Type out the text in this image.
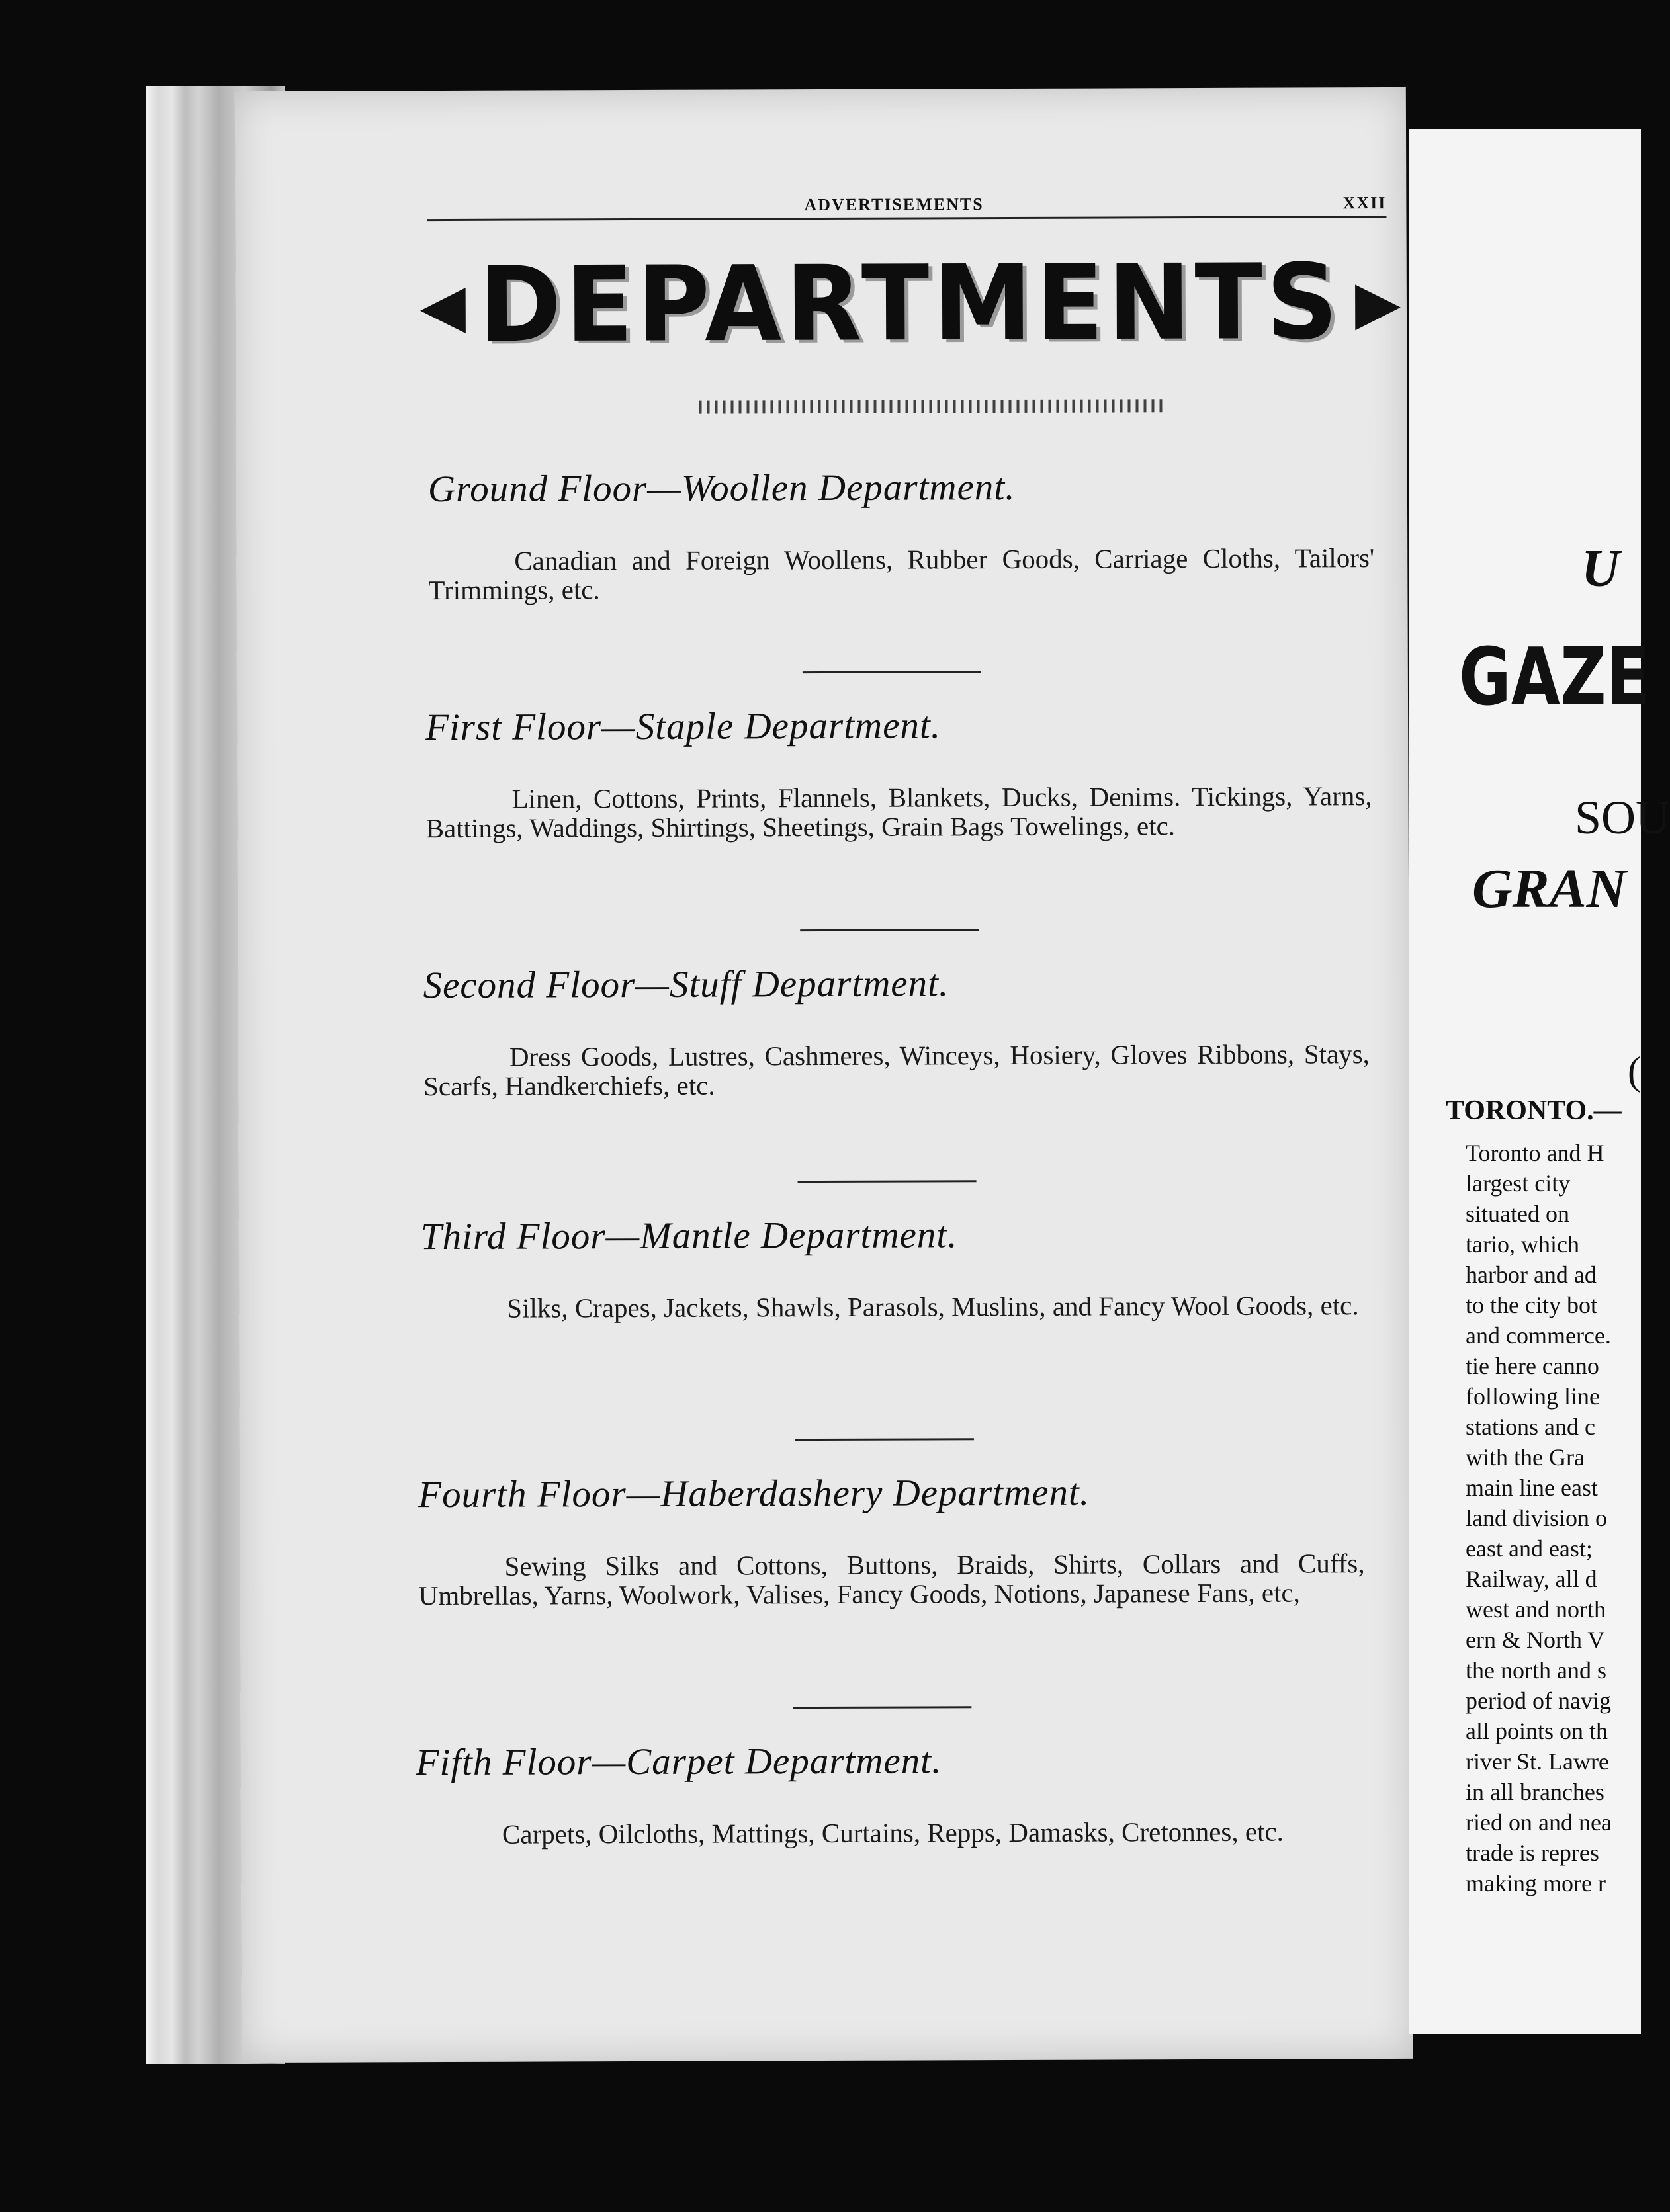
ADVERTISEMENTS	XXII
◀ DEPARTMENTS ▶
Ground Floor—Woollen Department.
Canadian and Foreign Woollens, Rubber Goods, Carriage Cloths, Tailors' Trimmings, etc.
First Floor—Staple Department.
Linen, Cottons, Prints, Flannels, Blankets, Ducks, Denims. Tickings, Yarns, Battings, Waddings, Shirtings, Sheetings, Grain Bags Towelings, etc.
Second Floor—Stuff Department.
Dress Goods, Lustres, Cashmeres, Winceys, Hosiery, Gloves Ribbons, Stays, Scarfs, Handkerchiefs, etc.
Third Floor—Mantle Department.
Silks, Crapes, Jackets, Shawls, Parasols, Muslins, and Fancy Wool Goods, etc.
Fourth Floor—Haberdashery Department.
Sewing Silks and Cottons, Buttons, Braids, Shirts, Collars and Cuffs, Umbrellas, Yarns, Woolwork, Valises, Fancy Goods, Notions, Japanese Fans, etc,
Fifth Floor—Carpet Department.
Carpets, Oilcloths, Mattings, Curtains, Repps, Damasks, Cretonnes, etc.
U
GAZE
SOU
GRAN
(
TORONTO.—
Toronto and H
largest city
situated on
tario, which
harbor and ad
to the city bot
and commerce.
tie here canno
following line
stations and c
with the Gra
main line east
land division o
east and east;
Railway, all d
west and north
ern & North V
the north and s
period of navig
all points on th
river St. Lawre
in all branches
ried on and nea
trade is repres
making more r
